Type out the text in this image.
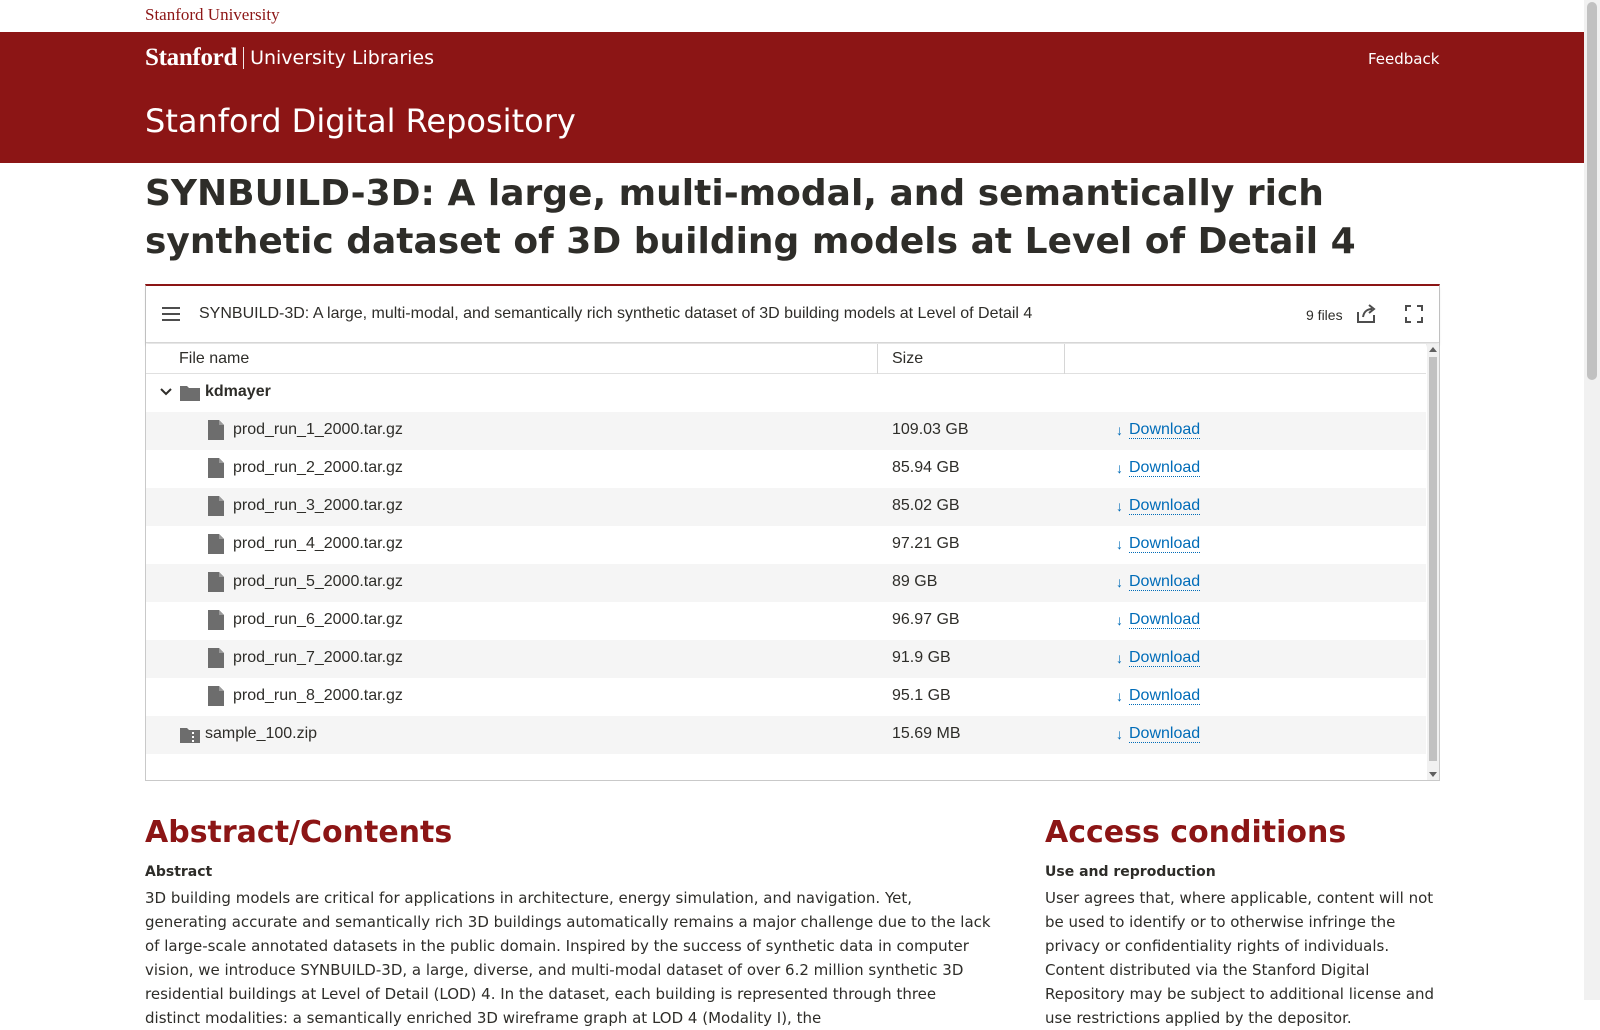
Stanford University
Stanford University Libraries	Feedback
Stanford Digital Repository
SYNBUILD-3D: A large, multi-modal, and semantically rich synthetic dataset of 3D building models at Level of Detail 4
SYNBUILD-3D: A large, multi-modal, and semantically rich synthetic dataset of 3D building models at Level of Detail 4	9 files
File name	Size
kdmayer
prod_run_1_2000.tar.gz	109.03 GB	↓ Download
prod_run_2_2000.tar.gz	85.94 GB	↓ Download
prod_run_3_2000.tar.gz	85.02 GB	↓ Download
prod_run_4_2000.tar.gz	97.21 GB	↓ Download
prod_run_5_2000.tar.gz	89 GB	↓ Download
prod_run_6_2000.tar.gz	96.97 GB	↓ Download
prod_run_7_2000.tar.gz	91.9 GB	↓ Download
prod_run_8_2000.tar.gz	95.1 GB	↓ Download
sample_100.zip	15.69 MB	↓ Download
Abstract/Contents
Abstract

3D building models are critical for applications in architecture, energy simulation, and navigation. Yet, generating accurate and semantically rich 3D buildings automatically remains a major challenge due to the lack of large-scale annotated datasets in the public domain. Inspired by the success of synthetic data in computer vision, we introduce SYNBUILD-3D, a large, diverse, and multi-modal dataset of over 6.2 million synthetic 3D residential buildings at Level of Detail (LOD) 4. In the dataset, each building is represented through three distinct modalities: a semantically enriched 3D wireframe graph at LOD 4 (Modality I), the

Access conditions
Use and reproduction

User agrees that, where applicable, content will not be used to identify or to otherwise infringe the privacy or confidentiality rights of individuals. Content distributed via the Stanford Digital Repository may be subject to additional license and use restrictions applied by the depositor.
